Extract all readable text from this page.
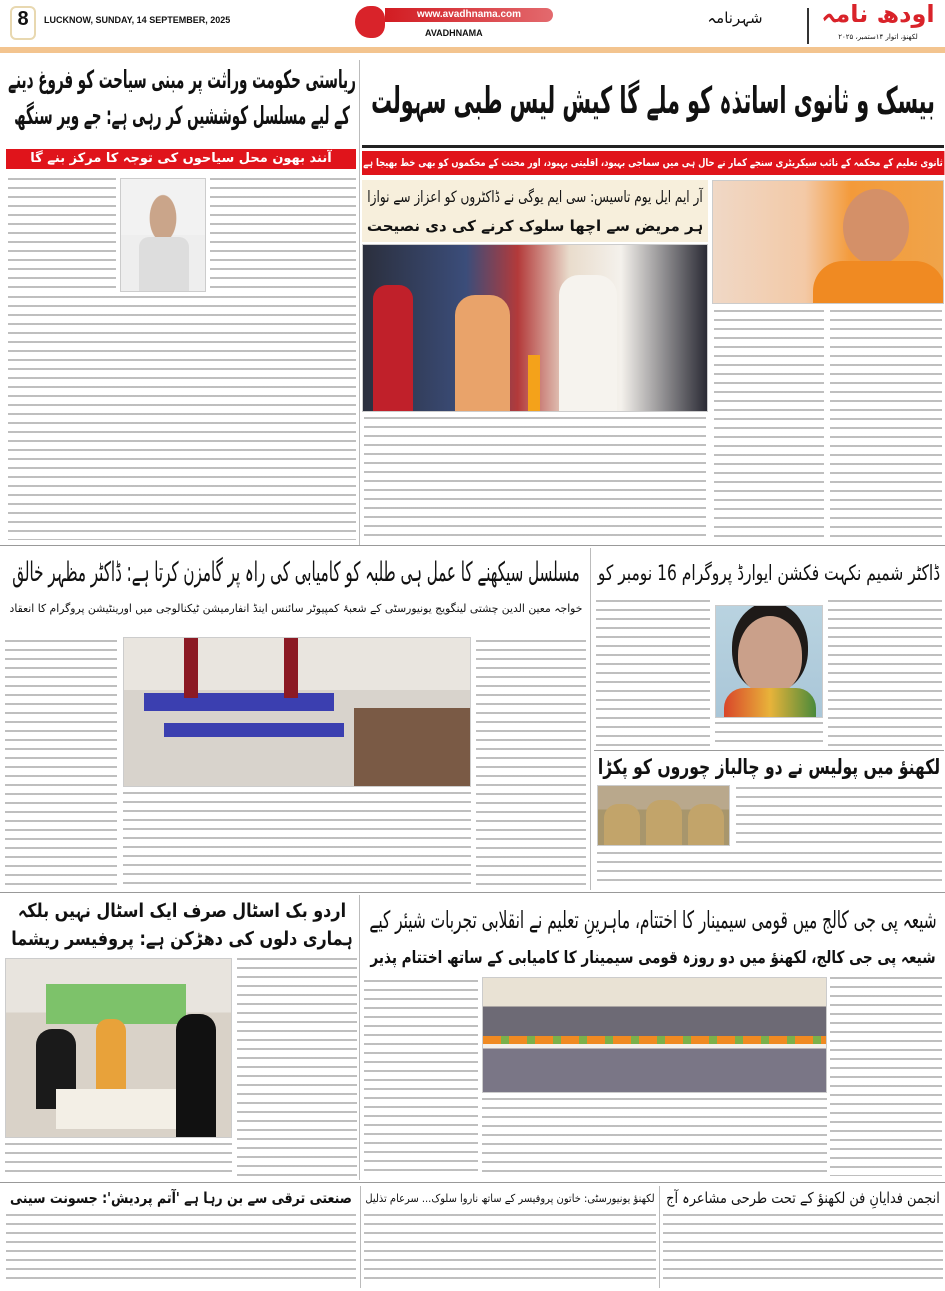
8	LUCKNOW, SUNDAY, 14 SEPTEMBER, 2025	www.avadhnama.com
AVADHNAMA
شہرنامہ	اودھ نامہ
لکھنؤ، اتوار ۱۴ستمبر، ۲۰۲۵
ریاستی حکومت وراثت پر مبنی سیاحت کو فروغ دینے کے لیے مسلسل کوششیں کر رہی ہے: جے ویر سنگھ
آنند بھون محل سیاحوں کی توجہ کا مرکز بنے گا
بیسک و ثانوی اساتذہ کو ملے گا کیش لیس طبی سہولت
ثانوی تعلیم کے محکمہ کے نائب سیکریٹری سنجے کمار نے حال ہی میں سماجی بہبود، اقلیتی بہبود، اور محنت کے محکموں کو بھی خط بھیجا ہے
آر ایم ایل یوم تاسیس: سی ایم یوگی نے ڈاکٹروں کو اعزاز سے نوازا
ہر مریض سے اچھا سلوک کرنے کی دی نصیحت
مسلسل سیکھنے کا عمل ہی طلبہ کو کامیابی کی راہ پر گامزن کرتا ہے: ڈاکٹر مظہر خالق
خواجہ معین الدین چشتی لینگویج یونیورسٹی کے شعبۂ کمپیوٹر سائنس اینڈ انفارمیشن ٹیکنالوجی میں اورینٹیشن پروگرام کا انعقاد
ڈاکٹر شمیم نکہت فکشن ایوارڈ پروگرام 16 نومبر کو
لکھنؤ میں پولیس نے دو چالباز چوروں کو پکڑا
اردو بک اسٹال صرف ایک اسٹال نہیں بلکہ ہماری دلوں کی دھڑکن ہے: پروفیسر ریشما
شیعہ پی جی کالج میں قومی سیمینار کا اختتام، ماہرینِ تعلیم نے انقلابی تجربات شیئر کیے
شیعہ پی جی کالج، لکھنؤ میں دو روزہ قومی سیمینار کا کامیابی کے ساتھ اختتام پذیر
صنعتی ترقی سے بن رہا ہے 'آتم پردیش': جسونت سینی	لکھنؤ یونیورسٹی: خاتون پروفیسر کے ساتھ ناروا سلوک... سرعام تذلیل انجمن فدایانِ فن لکھنؤ کے تحت طرحی مشاعرہ آج
